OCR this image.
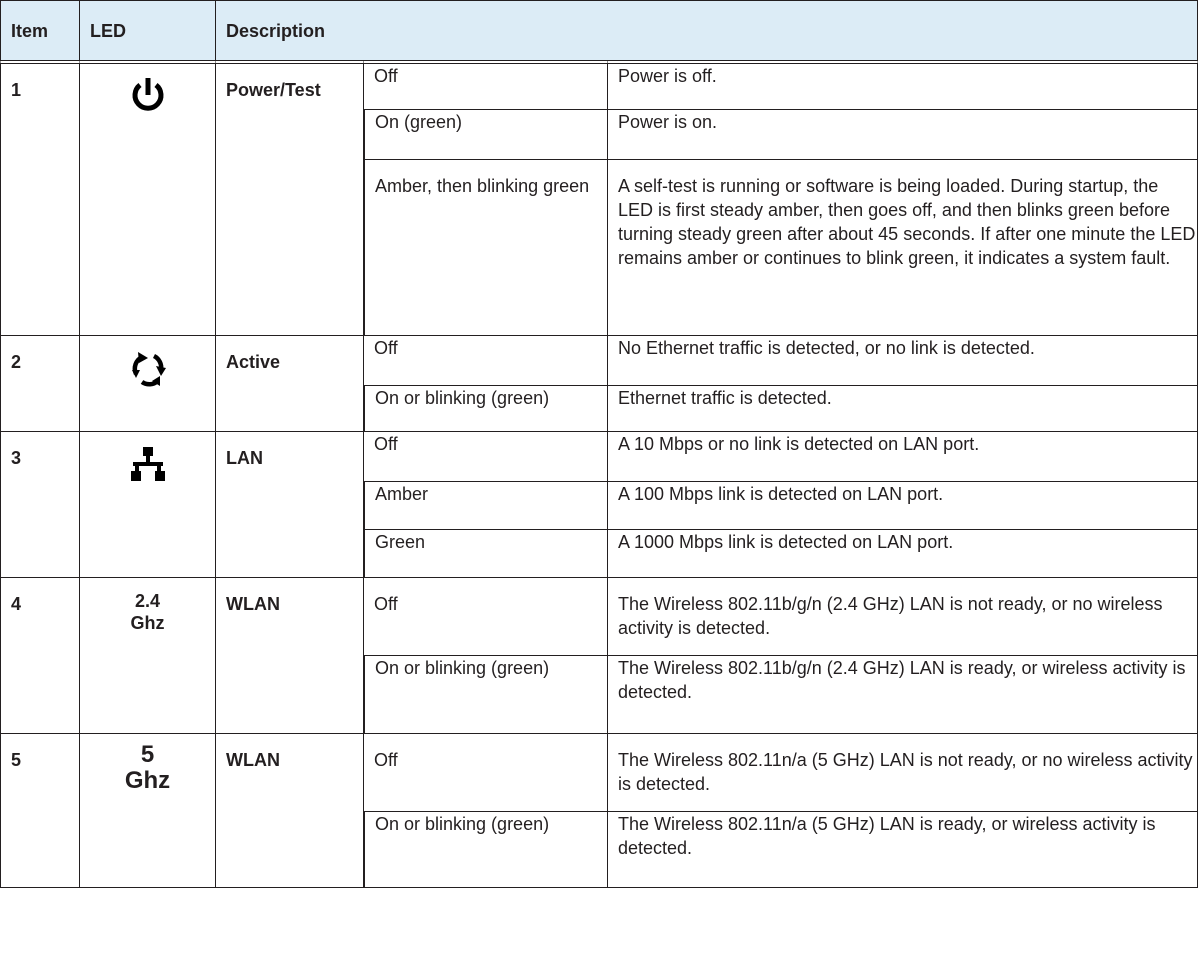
Item	LED	Description		
1		Power/Test	Off	Power is off.
			On (green)	Power is on.
			Amber, then blinking green	A self-test is running or software is being loaded. During startup, the LED is first steady amber, then goes off, and then blinks green before turning steady green after about 45 seconds. If after one minute the LED remains amber or continues to blink green, it indicates a system fault.
2		Active	Off	No Ethernet traffic is detected, or no link is detected.
			On or blinking (green)	Ethernet traffic is detected.
3		LAN	Off	A 10 Mbps or no link is detected on LAN port.
			Amber	A 100 Mbps link is detected on LAN port.
			Green	A 1000 Mbps link is detected on LAN port.
4	2.4
Ghz	WLAN	Off	The Wireless 802.11b/g/n (2.4 GHz) LAN is not ready, or no wireless activity is detected.
			On or blinking (green)	The Wireless 802.11b/g/n (2.4 GHz) LAN is ready, or wireless activity is detected.
5	5
Ghz	WLAN	Off	The Wireless 802.11n/a (5 GHz) LAN is not ready, or no wireless activity is detected.
			On or blinking (green)	The Wireless 802.11n/a (5 GHz) LAN is ready, or wireless activity is detected.
